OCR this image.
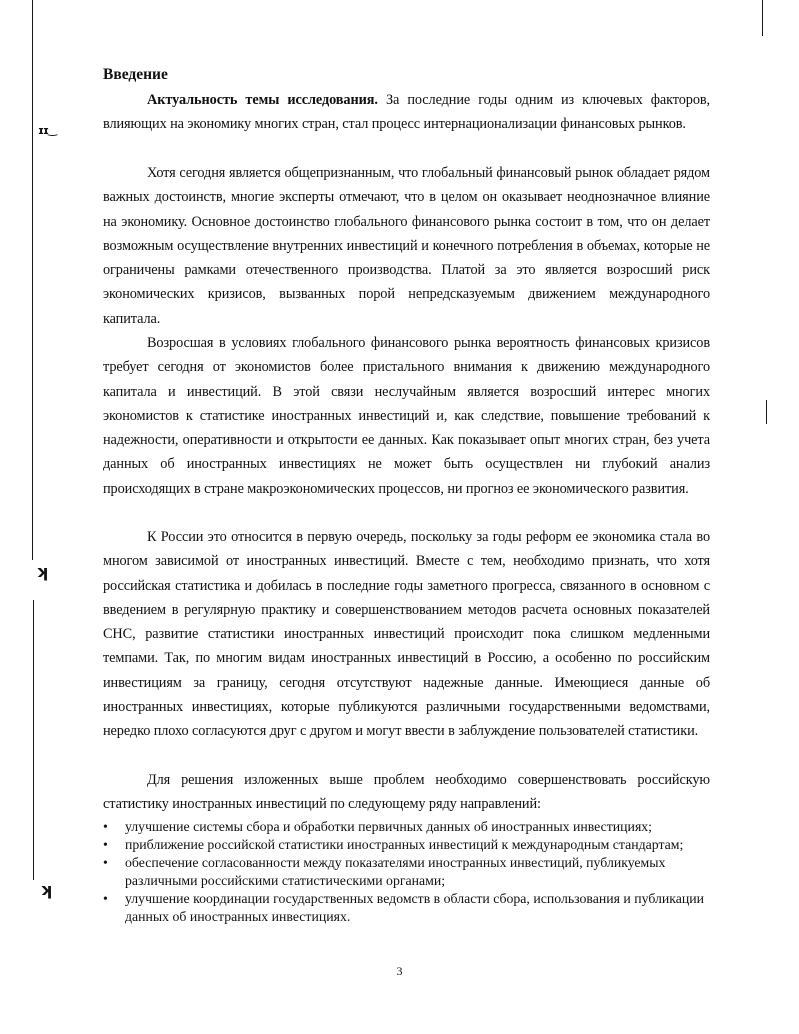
ɪɪ‿
ʞ
ʞ
Введение

Актуальность темы исследования. За последние годы одним из ключевых факторов, влияющих на экономику многих стран, стал процесс интернационализации финансовых рынков.

Хотя сегодня является общепризнанным, что глобальный финансовый рынок обладает рядом важных достоинств, многие эксперты отмечают, что в целом он оказывает неоднозначное влияние на экономику. Основное достоинство глобального финансового рынка состоит в том, что он делает возможным осуществление внутренних инвестиций и конечного потребления в объемах, которые не ограничены рамками отечественного производства. Платой за это является возросший риск экономических кризисов, вызванных порой непредсказуемым движением международного капитала.

Возросшая в условиях глобального финансового рынка вероятность финансовых кризисов требует сегодня от экономистов более пристального внимания к движению международного капитала и инвестиций. В этой связи неслучайным является возросший интерес многих экономистов к статистике иностранных инвестиций и, как следствие, повышение требований к надежности, оперативности и открытости ее данных. Как показывает опыт многих стран, без учета данных об иностранных инвестициях не может быть осуществлен ни глубокий анализ происходящих в стране макроэкономических процессов, ни прогноз ее экономического развития.

К России это относится в первую очередь, поскольку за годы реформ ее экономика стала во многом зависимой от иностранных инвестиций. Вместе с тем, необходимо признать, что хотя российская статистика и добилась в последние годы заметного прогресса, связанного в основном с введением в регулярную практику и совершенствованием методов расчета основных показателей СНС, развитие статистики иностранных инвестиций происходит пока слишком медленными темпами. Так, по многим видам иностранных инвестиций в Россию, а особенно по российским инвестициям за границу, сегодня отсутствуют надежные данные. Имеющиеся данные об иностранных инвестициях, которые публикуются различными государственными ведомствами, нередко плохо согласуются друг с другом и могут ввести в заблуждение пользователей статистики.

Для решения изложенных выше проблем необходимо совершенствовать российскую статистику иностранных инвестиций по следующему ряду направлений:

•	улучшение системы сбора и обработки первичных данных об иностранных инвестициях;
•	приближение российской статистики иностранных инвестиций к международным стандартам;
•	обеспечение согласованности между показателями иностранных инвестиций, публикуемых различными российскими статистическими органами;
•	улучшение координации государственных ведомств в области сбора, использования и публикации данных об иностранных инвестициях.
3
